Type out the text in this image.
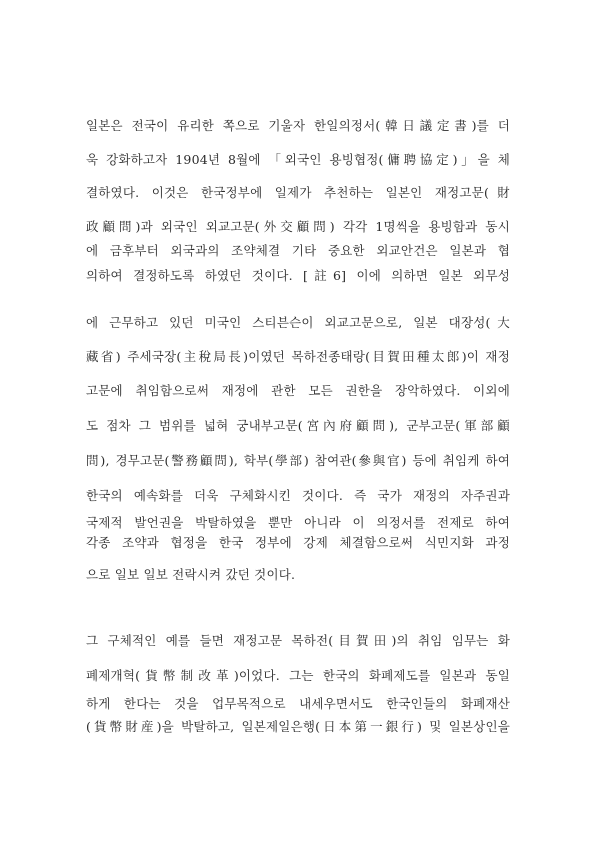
일본은 전국이 유리한 쪽으로 기울자 한일의정서(韓日議定書)를 더

욱 강화하고자 1904년 8월에 「외국인 용빙협정(傭聘協定)」을 체

결하였다. 이것은 한국정부에 일제가 추천하는 일본인 재정고문(財

政顧問)과 외국인 외교고문(外交顧問) 각각 1명씩을 용빙함과 동시

에 금후부터 외국과의 조약체결 기타 중요한 외교안건은 일본과 협

의하여 결정하도록 하였던 것이다. [註6] 이에 의하면 일본 외무성

에 근무하고 있던 미국인 스티븐슨이 외교고문으로, 일본 대장성(大

藏省) 주세국장(主稅局長)이였던 목하전종태랑(目賀田種太郎)이 재정

고문에 취임함으로써 재정에 관한 모든 권한을 장악하였다. 이외에

도 점차 그 범위를 넓혀 궁내부고문(宮內府顧問), 군부고문(軍部顧

問), 경무고문(警務顧問), 학부(學部) 참여관(參與官) 등에 취임케 하여

한국의 예속화를 더욱 구체화시킨 것이다. 즉 국가 재정의 자주권과

국제적 발언권을 박탈하였을 뿐만 아니라 이 의정서를 전제로 하여

각종 조약과 협정을 한국 정부에 강제 체결함으로써 식민지화 과정

으로 일보 일보 전락시켜 갔던 것이다.

그 구체적인 예를 들면 재정고문 목하전(目賀田)의 취임 임무는 화

폐제개혁(貨幣制改革)이었다. 그는 한국의 화폐제도를 일본과 동일

하게 한다는 것을 업무목적으로 내세우면서도 한국인들의 화폐재산

(貨幣財産)을 박탈하고, 일본제일은행(日本第一銀行) 및 일본상인을
